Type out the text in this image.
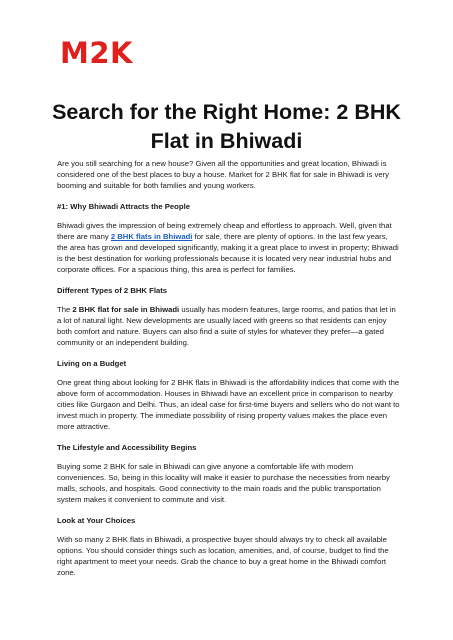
M2K
Search for the Right Home: 2 BHK Flat in Bhiwadi

Are you still searching for a new house? Given all the opportunities and great location, Bhiwadi is considered one of the best places to buy a house. Market for 2 BHK flat for sale in Bhiwadi is very booming and suitable for both families and young workers.

#1: Why Bhiwadi Attracts the People

Bhiwadi gives the impression of being extremely cheap and effortless to approach. Well, given that there are many 2 BHK flats in Bhiwadi for sale, there are plenty of options. In the last few years, the area has grown and developed significantly, making it a great place to invest in property; Bhiwadi is the best destination for working professionals because it is located very near industrial hubs and corporate offices. For a spacious thing, this area is perfect for families.

Different Types of 2 BHK Flats

The 2 BHK flat for sale in Bhiwadi usually has modern features, large rooms, and patios that let in a lot of natural light. New developments are usually laced with greens so that residents can enjoy both comfort and nature. Buyers can also find a suite of styles for whatever they prefer—a gated community or an independent building.

Living on a Budget

One great thing about looking for 2 BHK flats in Bhiwadi is the affordability indices that come with the above form of accommodation. Houses in Bhiwadi have an excellent price in comparison to nearby cities like Gurgaon and Delhi. Thus, an ideal case for first-time buyers and sellers who do not want to invest much in property. The immediate possibility of rising property values makes the place even more attractive.

The Lifestyle and Accessibility Begins

Buying some 2 BHK for sale in Bhiwadi can give anyone a comfortable life with modern conveniences. So, being in this locality will make it easier to purchase the necessities from nearby malls, schools, and hospitals. Good connectivity to the main roads and the public transportation system makes it convenient to commute and visit.

Look at Your Choices

With so many 2 BHK flats in Bhiwadi, a prospective buyer should always try to check all available options. You should consider things such as location, amenities, and, of course, budget to find the right apartment to meet your needs. Grab the chance to buy a great home in the Bhiwadi comfort zone.
